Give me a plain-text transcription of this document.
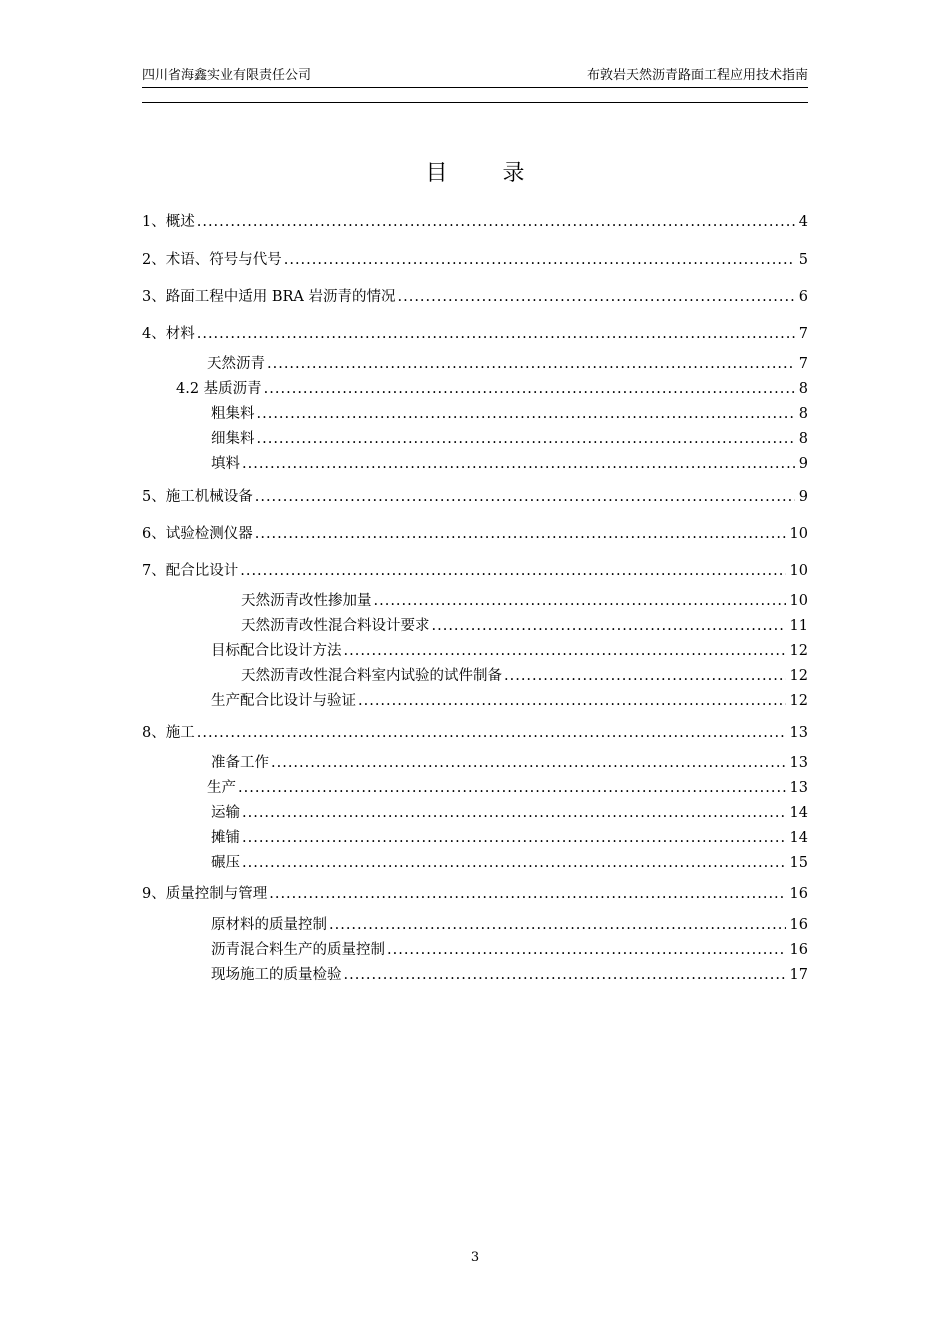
四川省海鑫实业有限责任公司	布敦岩天然沥青路面工程应用技术指南
目 录
1、概述 .....	4
2、术语、符号与代号 .....	5
3、路面工程中适用 BRA 岩沥青的情况 .....	6
4、材料 .....	7
天然沥青 .....	7
4.2 基质沥青 .....	8
粗集料 .....	8
细集料 .....	8
填料 .....	9
5、施工机械设备 .....	9
6、试验检测仪器 .....	10
7、配合比设计 .....	10
天然沥青改性掺加量 .....	10
天然沥青改性混合料设计要求 .....	11
目标配合比设计方法 .....	12
天然沥青改性混合料室内试验的试件制备 .....	12
生产配合比设计与验证 .....	12
8、施工 .....	13
准备工作 .....	13
生产 .....	13
运输 .....	14
摊铺 .....	14
碾压 .....	15
9、质量控制与管理 .....	16
原材料的质量控制 .....	16
沥青混合料生产的质量控制 .....	16
现场施工的质量检验 .....	17
3
